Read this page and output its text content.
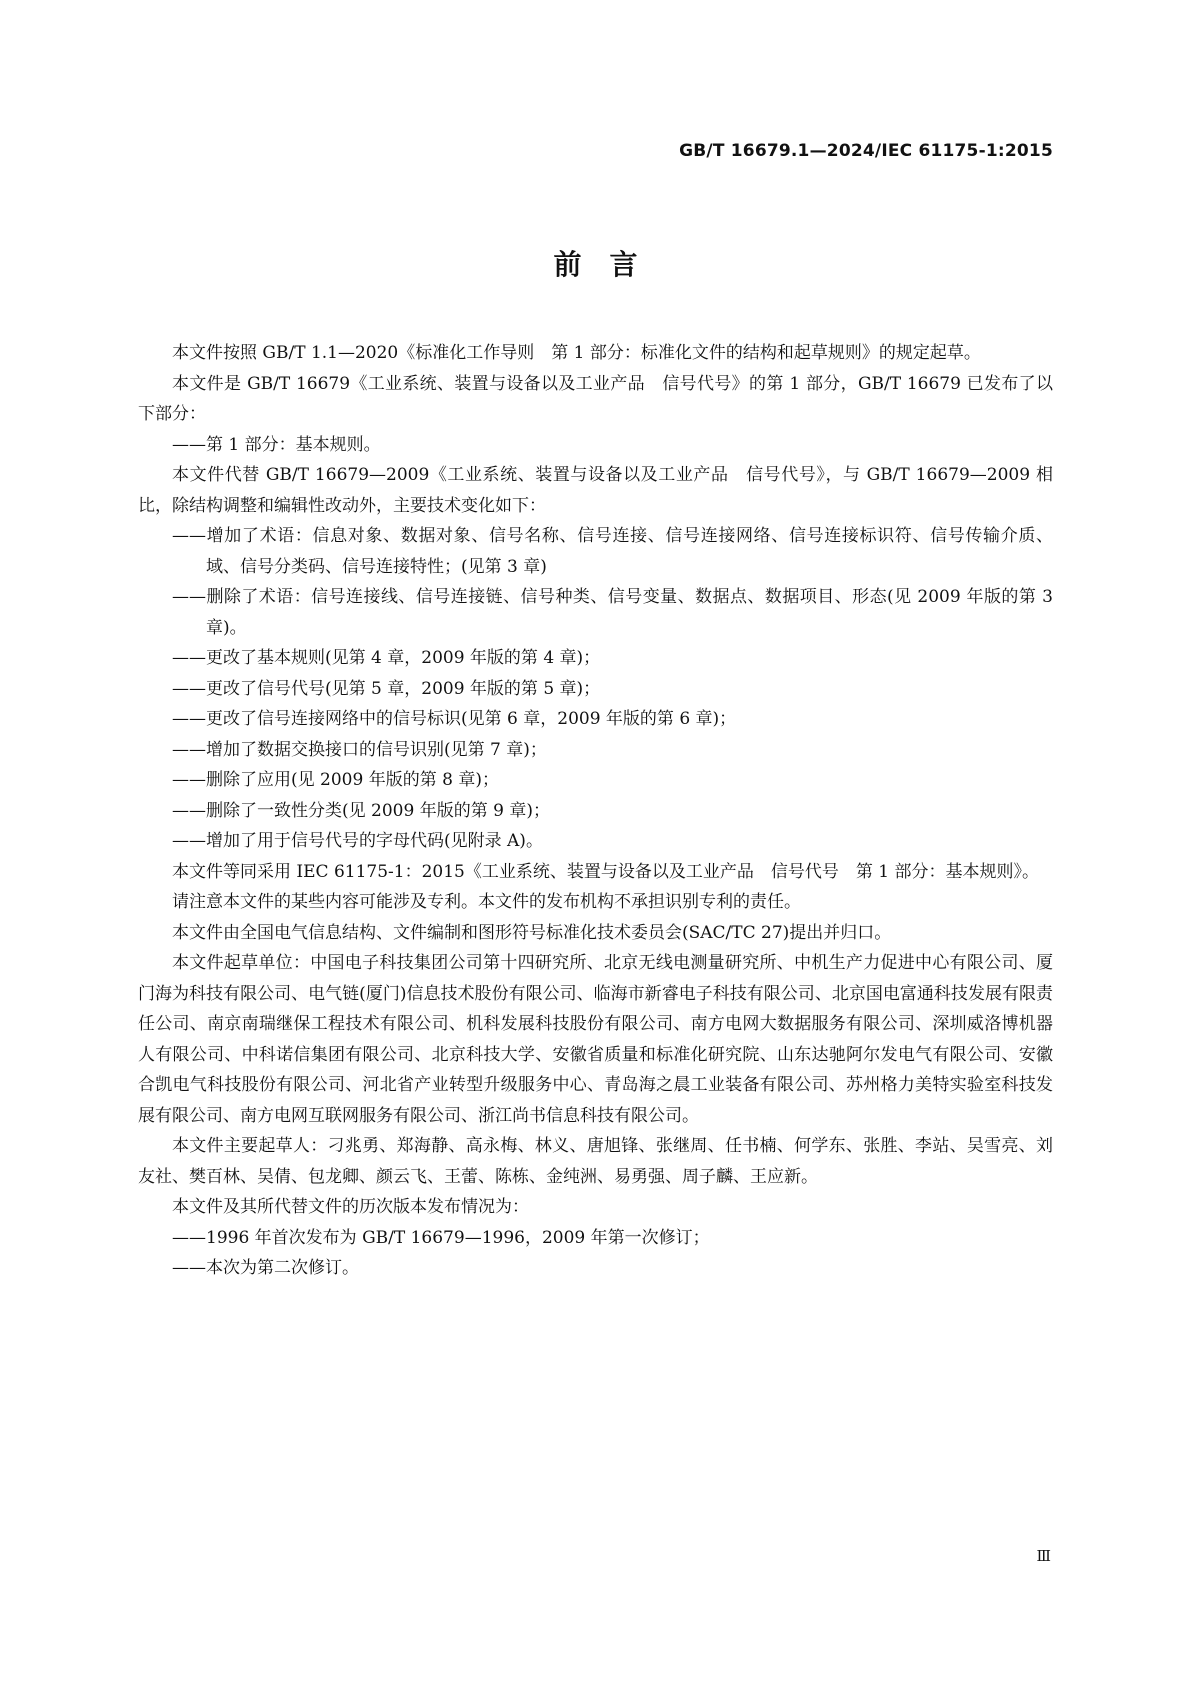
GB/T 16679.1—2024/IEC 61175-1:2015
前　言

本文件按照 GB/T 1.1—2020《标准化工作导则　第 1 部分：标准化文件的结构和起草规则》的规定起草。

本文件是 GB/T 16679《工业系统、装置与设备以及工业产品　信号代号》的第 1 部分，GB/T 16679 已发布了以下部分：

——第 1 部分：基本规则。

本文件代替 GB/T 16679—2009《工业系统、装置与设备以及工业产品　信号代号》，与 GB/T 16679—2009 相比，除结构调整和编辑性改动外，主要技术变化如下：

——增加了术语：信息对象、数据对象、信号名称、信号连接、信号连接网络、信号连接标识符、信号传输介质、域、信号分类码、信号连接特性；(见第 3 章)

——删除了术语：信号连接线、信号连接链、信号种类、信号变量、数据点、数据项目、形态(见 2009 年版的第 3 章)。

——更改了基本规则(见第 4 章，2009 年版的第 4 章)；

——更改了信号代号(见第 5 章，2009 年版的第 5 章)；

——更改了信号连接网络中的信号标识(见第 6 章，2009 年版的第 6 章)；

——增加了数据交换接口的信号识别(见第 7 章)；

——删除了应用(见 2009 年版的第 8 章)；

——删除了一致性分类(见 2009 年版的第 9 章)；

——增加了用于信号代号的字母代码(见附录 A)。

本文件等同采用 IEC 61175-1：2015《工业系统、装置与设备以及工业产品　信号代号　第 1 部分：基本规则》。

请注意本文件的某些内容可能涉及专利。本文件的发布机构不承担识别专利的责任。

本文件由全国电气信息结构、文件编制和图形符号标准化技术委员会(SAC/TC 27)提出并归口。

本文件起草单位：中国电子科技集团公司第十四研究所、北京无线电测量研究所、中机生产力促进中心有限公司、厦门海为科技有限公司、电气链(厦门)信息技术股份有限公司、临海市新睿电子科技有限公司、北京国电富通科技发展有限责任公司、南京南瑞继保工程技术有限公司、机科发展科技股份有限公司、南方电网大数据服务有限公司、深圳威洛博机器人有限公司、中科诺信集团有限公司、北京科技大学、安徽省质量和标准化研究院、山东达驰阿尔发电气有限公司、安徽合凯电气科技股份有限公司、河北省产业转型升级服务中心、青岛海之晨工业装备有限公司、苏州格力美特实验室科技发展有限公司、南方电网互联网服务有限公司、浙江尚书信息科技有限公司。

本文件主要起草人：刁兆勇、郑海静、高永梅、林义、唐旭锋、张继周、任书楠、何学东、张胜、李站、吴雪亮、刘友社、樊百林、吴倩、包龙卿、颜云飞、王蕾、陈栋、金纯洲、易勇强、周子麟、王应新。

本文件及其所代替文件的历次版本发布情况为：

——1996 年首次发布为 GB/T 16679—1996，2009 年第一次修订；

——本次为第二次修订。

Ⅲ
